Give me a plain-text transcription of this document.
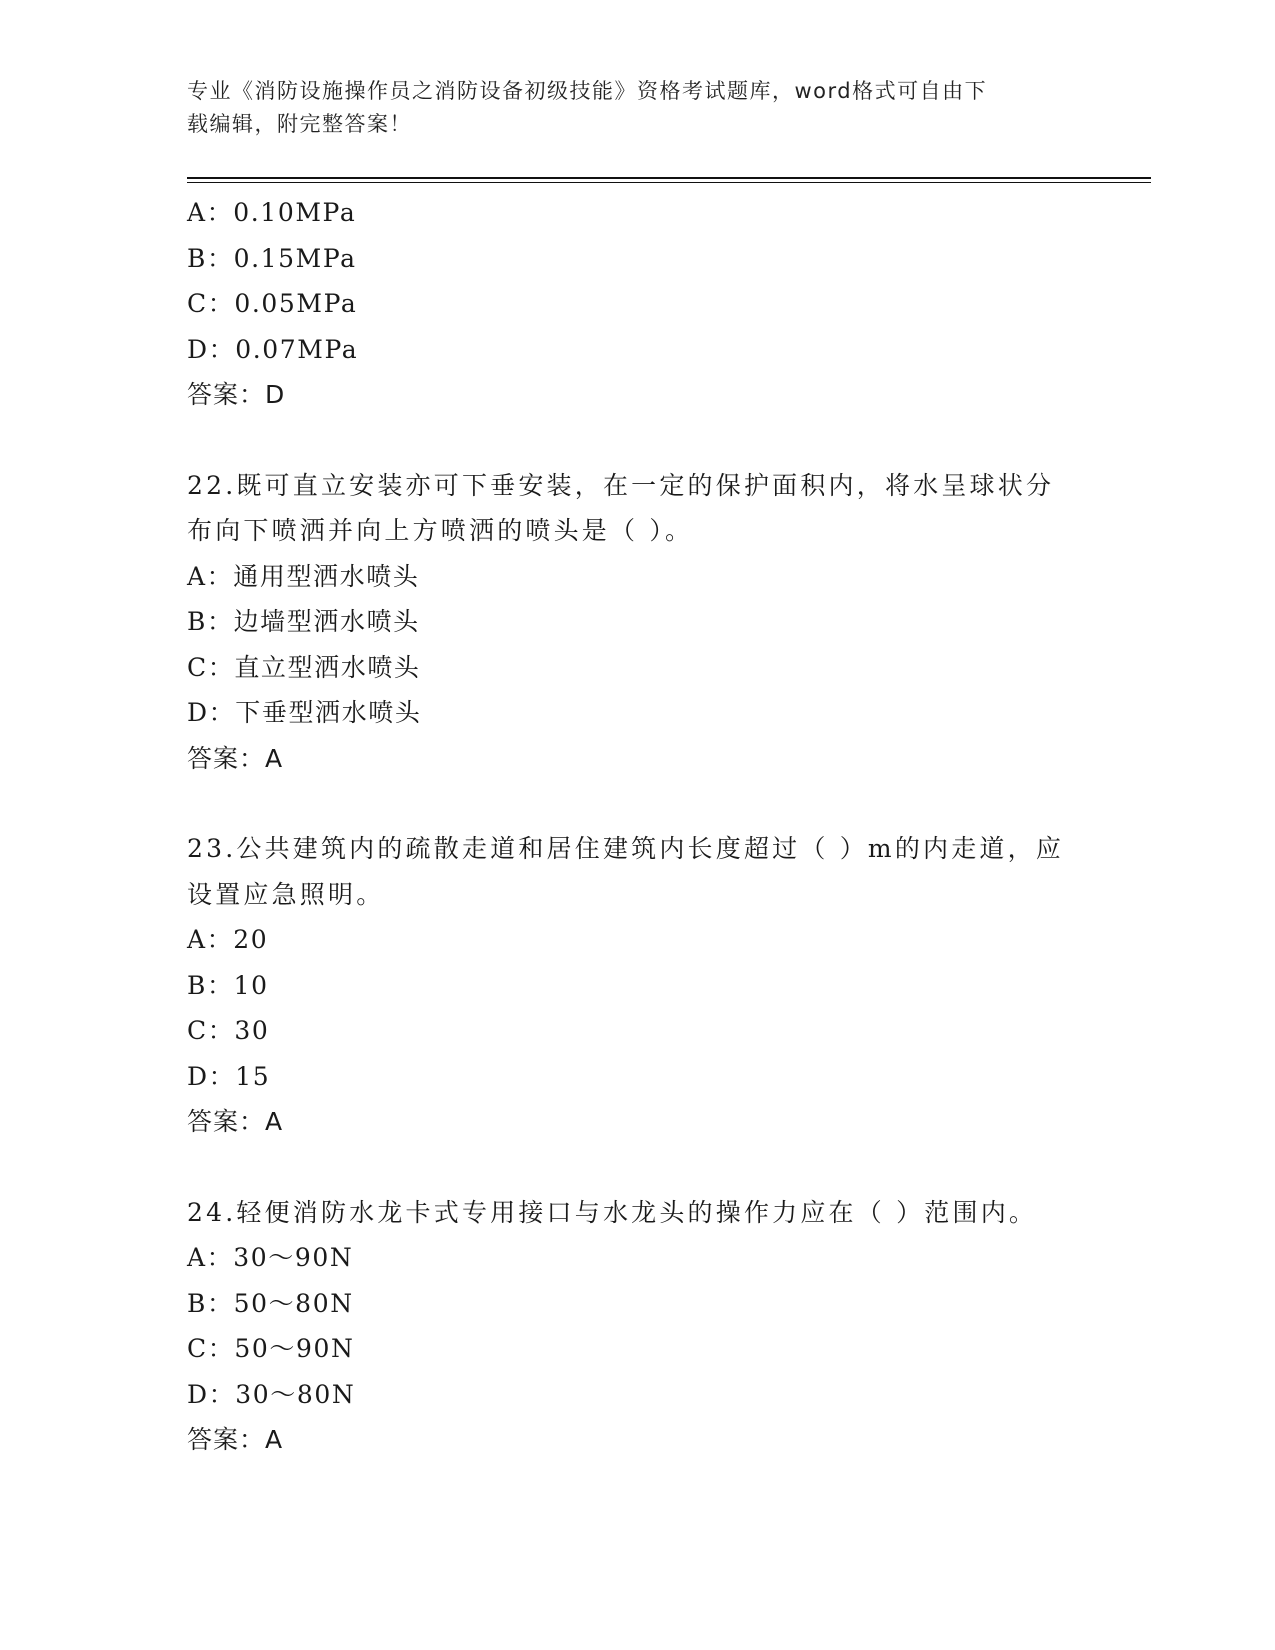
专业《消防设施操作员之消防设备初级技能》资格考试题库，word格式可自由下
载编辑，附完整答案！
A：0.10MPa
B：0.15MPa
C：0.05MPa
D：0.07MPa
答案：D
22.既可直立安装亦可下垂安装，在一定的保护面积内，将水呈球状分布向下喷洒并向上方喷洒的喷头是（ ）。
A：通用型洒水喷头
B：边墙型洒水喷头
C：直立型洒水喷头
D：下垂型洒水喷头
答案：A
23.公共建筑内的疏散走道和居住建筑内长度超过（ ）m的内走道，应设置应急照明。
A：20
B：10
C：30
D：15
答案：A
24.轻便消防水龙卡式专用接口与水龙头的操作力应在（ ）范围内。
A：30～90N
B：50～80N
C：50～90N
D：30～80N
答案：A
